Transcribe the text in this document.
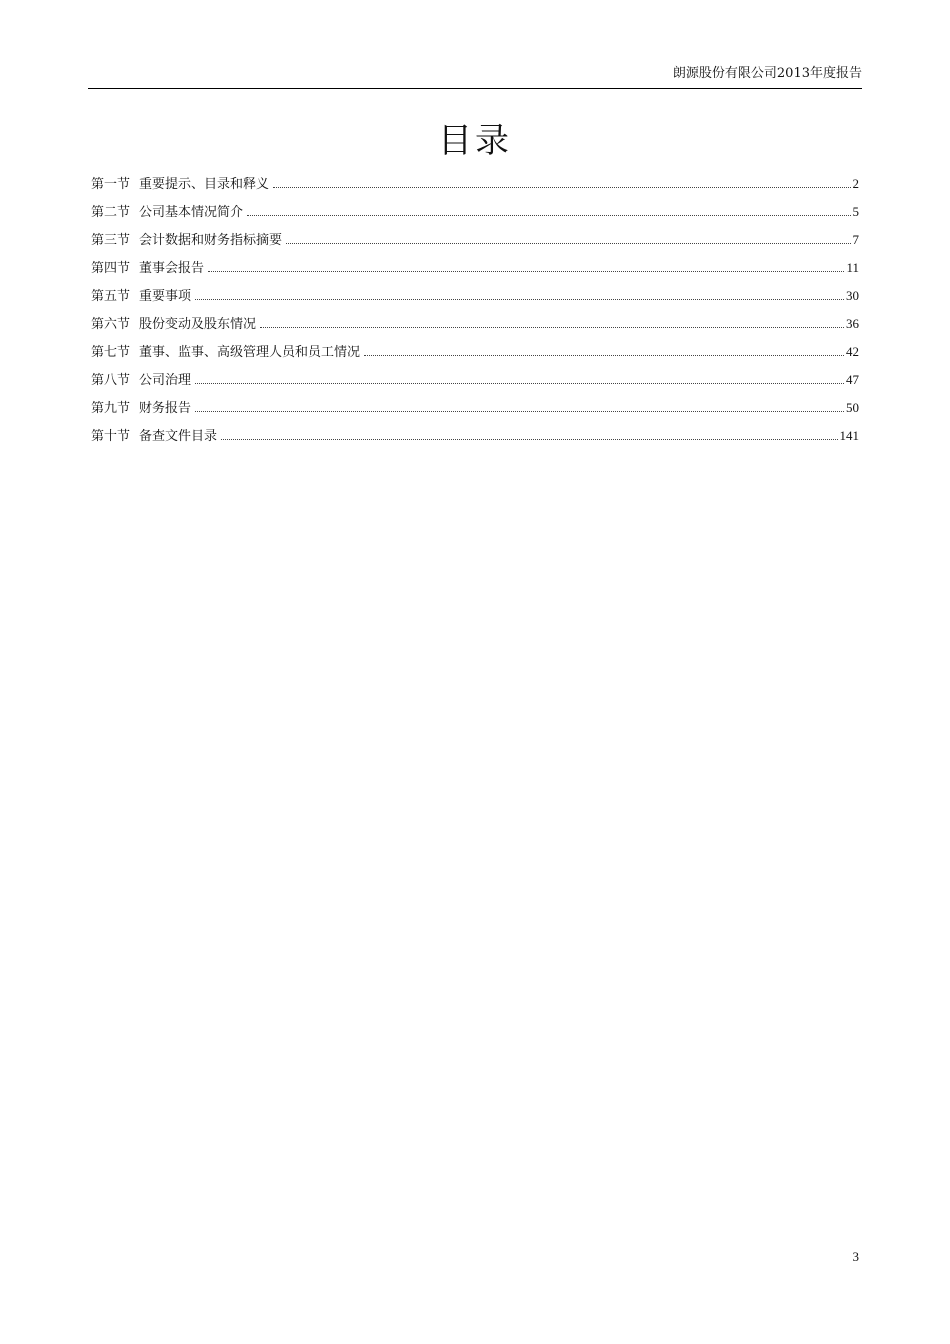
朗源股份有限公司2013年度报告
目录
第一节 重要提示、目录和释义	2
第二节 公司基本情况简介	5
第三节 会计数据和财务指标摘要	7
第四节 董事会报告	11
第五节 重要事项	30
第六节 股份变动及股东情况	36
第七节 董事、监事、高级管理人员和员工情况	42
第八节 公司治理	47
第九节 财务报告	50
第十节 备查文件目录	141
3
